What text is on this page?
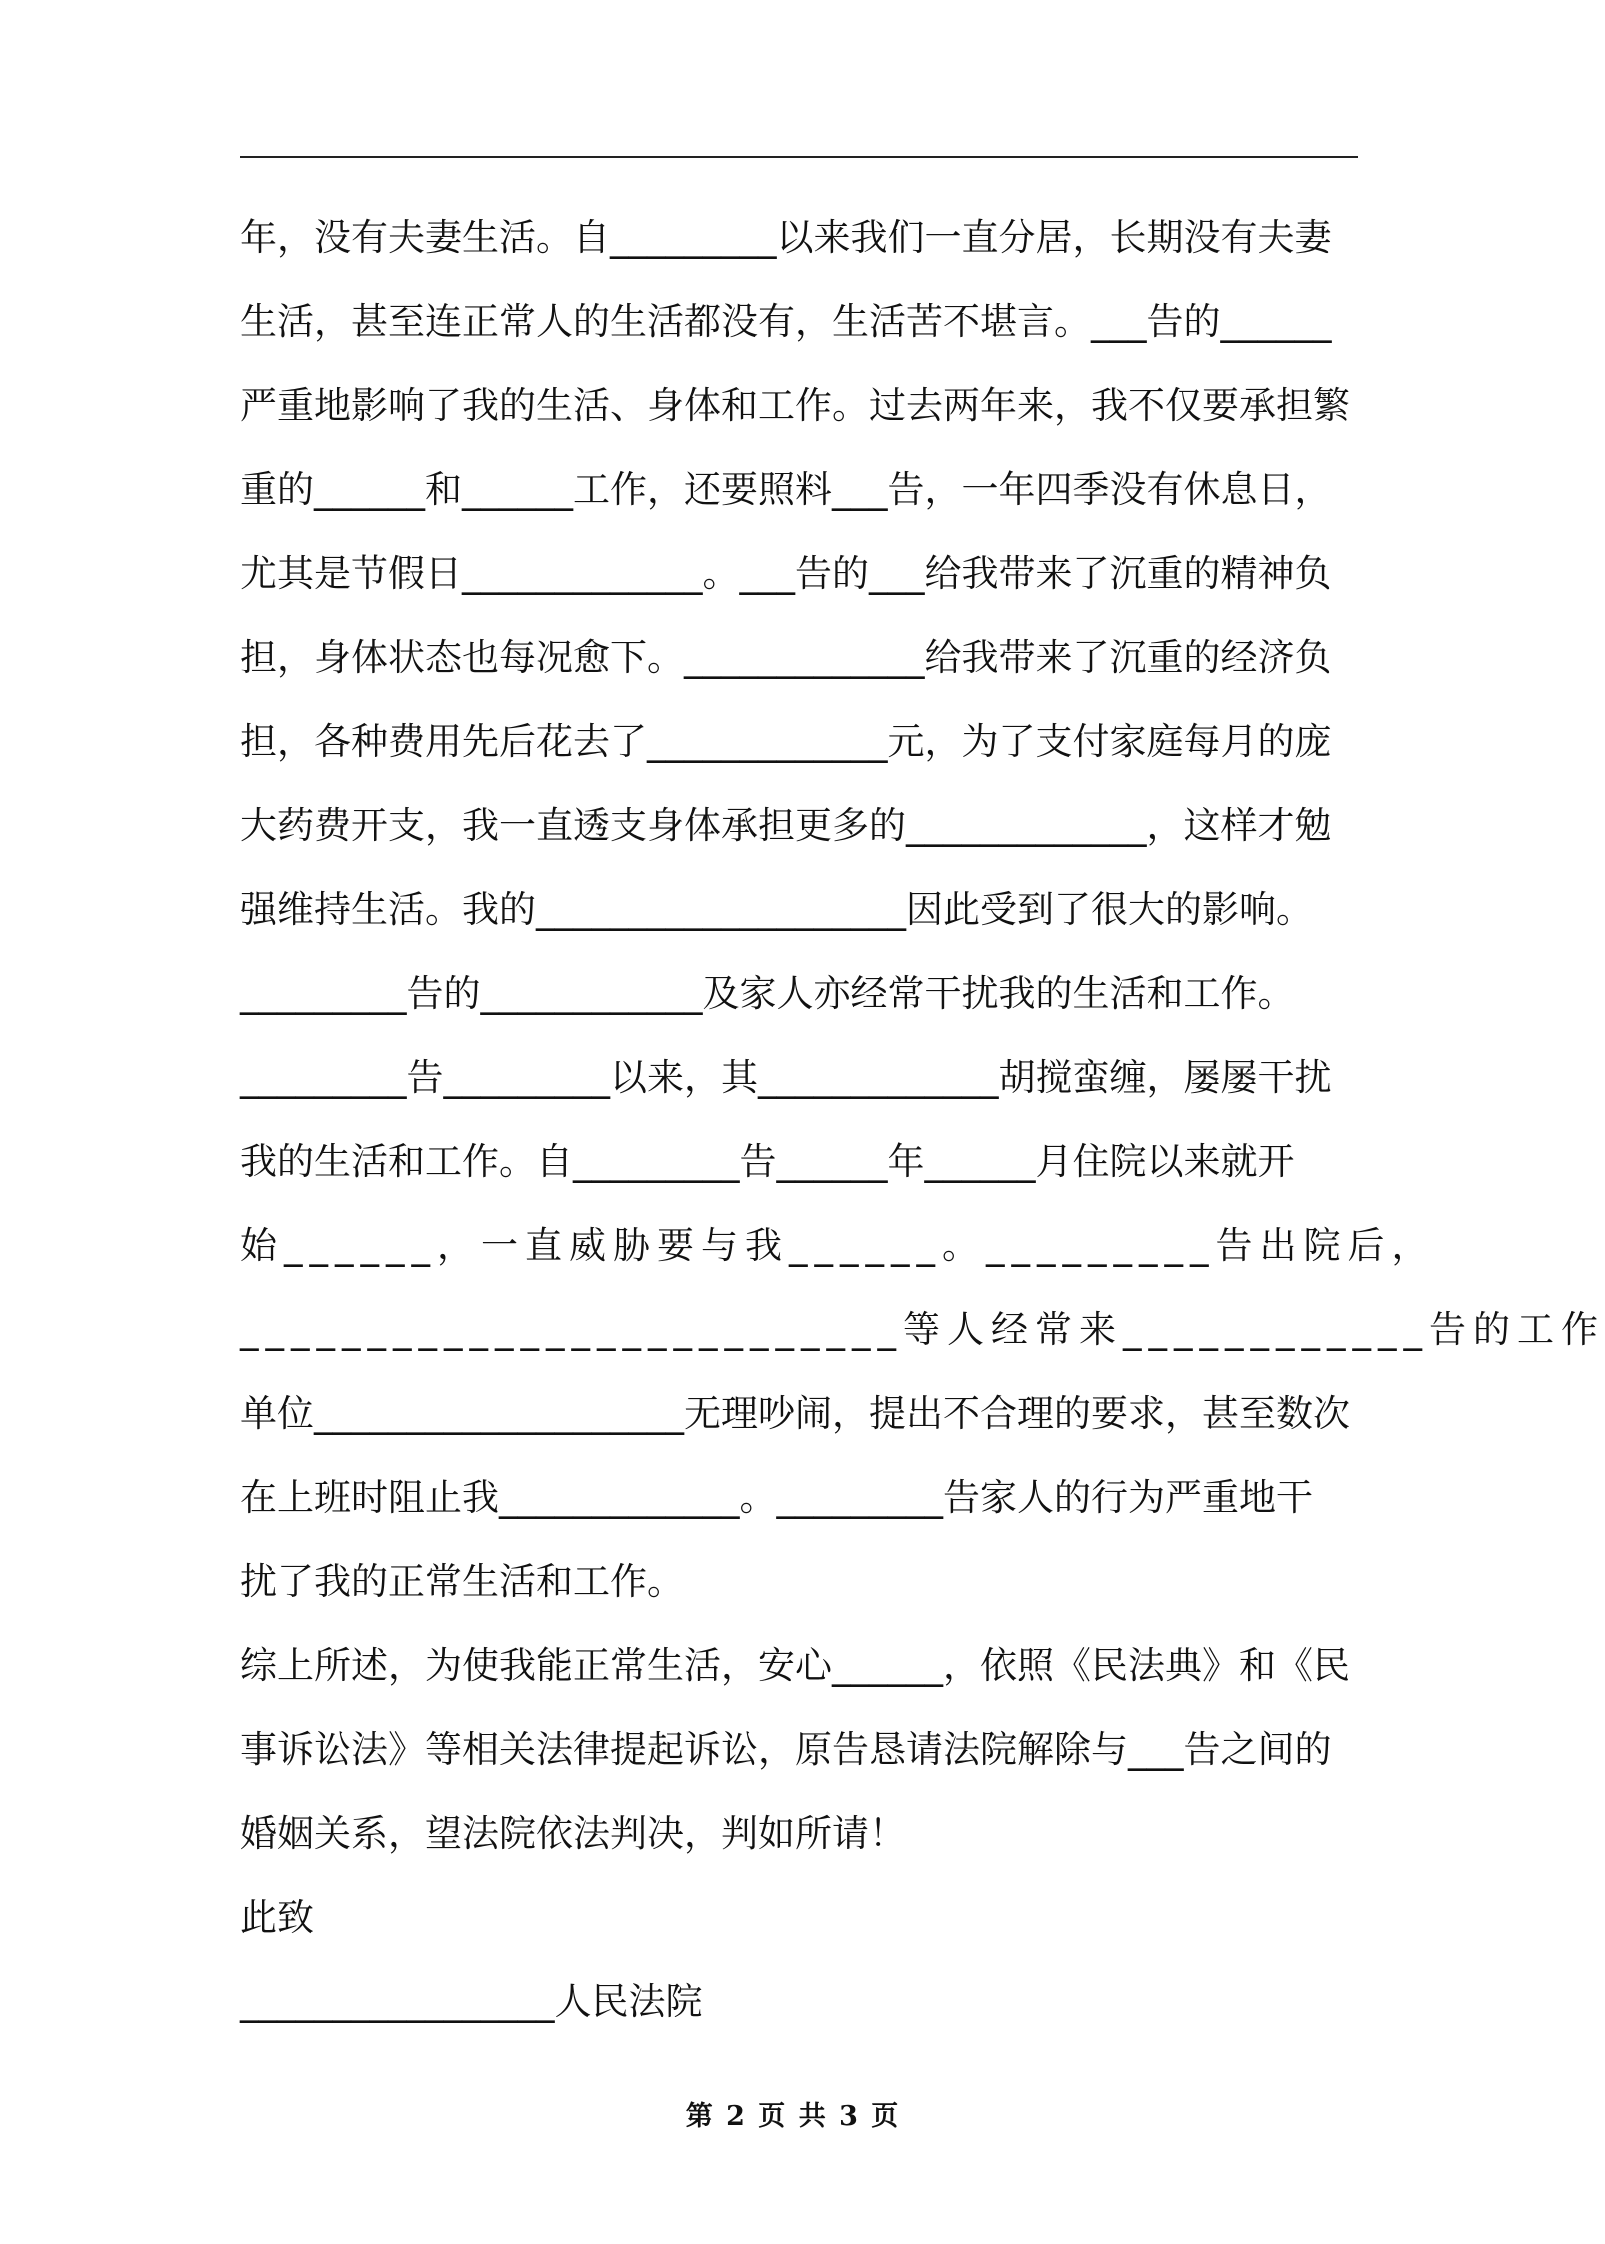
年，没有夫妻生活。自_________以来我们一直分居，长期没有夫妻
生活，甚至连正常人的生活都没有，生活苦不堪言。___告的______
严重地影响了我的生活、身体和工作。过去两年来，我不仅要承担繁
重的______和______工作，还要照料___告，一年四季没有休息日，
尤其是节假日_____________。___告的___给我带来了沉重的精神负
担，身体状态也每况愈下。_____________给我带来了沉重的经济负
担，各种费用先后花去了_____________元，为了支付家庭每月的庞
大药费开支，我一直透支身体承担更多的_____________，这样才勉
强维持生活。我的____________________因此受到了很大的影响。
_________告的____________及家人亦经常干扰我的生活和工作。
_________告_________以来，其_____________胡搅蛮缠，屡屡干扰
我的生活和工作。自_________告______年______月住院以来就开
始______，一直威胁要与我______。_________告出院后，
__________________________等人经常来____________告的工作
单位____________________无理吵闹，提出不合理的要求，甚至数次
在上班时阻止我_____________。_________告家人的行为严重地干
扰了我的正常生活和工作。
综上所述，为使我能正常生活，安心______，依照《民法典》和《民
事诉讼法》等相关法律提起诉讼，原告恳请法院解除与___告之间的
婚姻关系，望法院依法判决，判如所请！
此致
_________________人民法院
第 2 页 共 3 页
